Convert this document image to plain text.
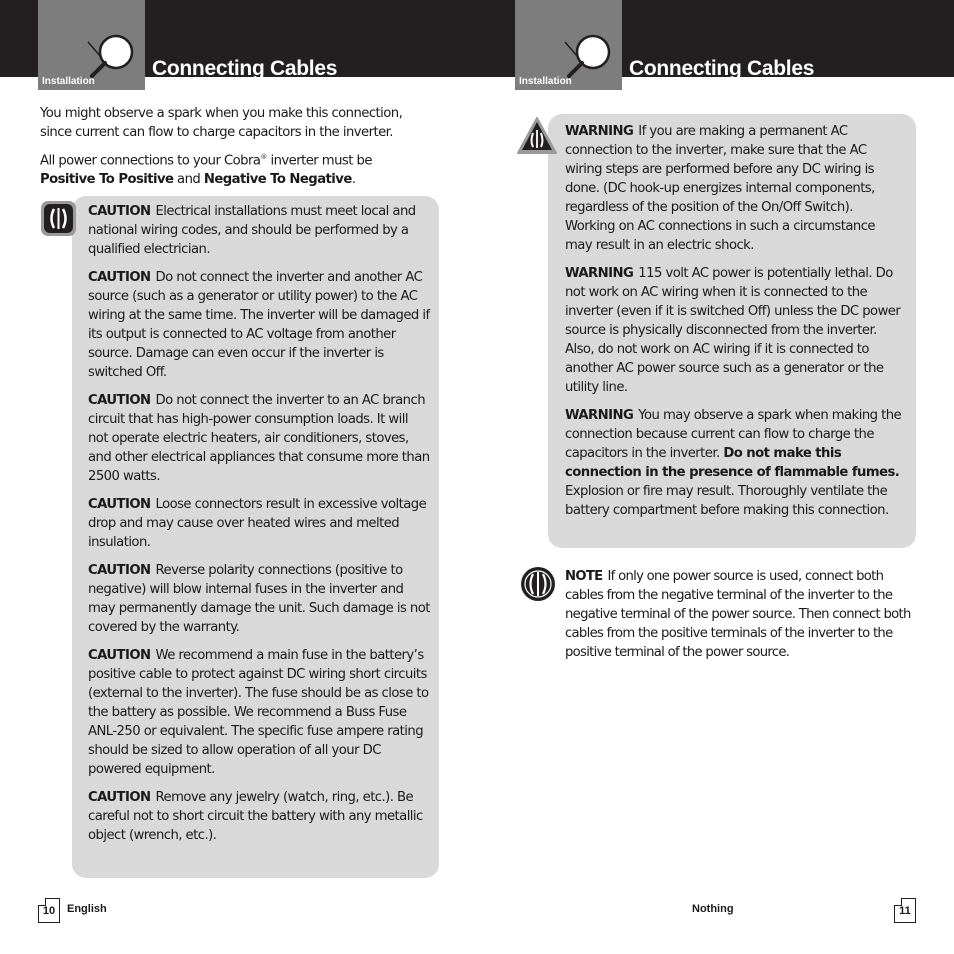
Installation
Connecting Cables

You might observe a spark when you make this connection, since current can flow to charge capacitors in the inverter.

All power connections to your Cobra® inverter must be Positive To Positive and Negative To Negative.

CAUTION Electrical installations must meet local and national wiring codes, and should be performed by a qualified electrician.
CAUTION Do not connect the inverter and another AC source (such as a generator or utility power) to the AC wiring at the same time. The inverter will be damaged if its output is connected to AC voltage from another source. Damage can even occur if the inverter is switched Off.
CAUTION Do not connect the inverter to an AC branch circuit that has high-power consumption loads. It will not operate electric heaters, air conditioners, stoves, and other electrical appliances that consume more than 2500 watts.
CAUTION Loose connectors result in excessive voltage drop and may cause over heated wires and melted insulation.
CAUTION Reverse polarity connections (positive to negative) will blow internal fuses in the inverter and may permanently damage the unit. Such damage is not covered by the warranty.
CAUTION We recommend a main fuse in the battery’s positive cable to protect against DC wiring short circuits (external to the inverter). The fuse should be as close to the battery as possible. We recommend a Buss Fuse ANL-250 or equivalent. The specific fuse ampere rating should be sized to allow operation of all your DC powered equipment.
CAUTION Remove any jewelry (watch, ring, etc.). Be careful not to short circuit the battery with any metallic object (wrench, etc.).
10	English
Installation
Connecting Cables
WARNING If you are making a permanent AC connection to the inverter, make sure that the AC wiring steps are performed before any DC wiring is done. (DC hook-up energizes internal components, regardless of the position of the On/Off Switch). Working on AC connections in such a circumstance may result in an electric shock.
WARNING 115 volt AC power is potentially lethal. Do not work on AC wiring when it is connected to the inverter (even if it is switched Off) unless the DC power source is physically disconnected from the inverter. Also, do not work on AC wiring if it is connected to another AC power source such as a generator or the utility line.
WARNING You may observe a spark when making the connection because current can flow to charge the capacitors in the inverter. Do not make this connection in the presence of flammable fumes. Explosion or fire may result. Thoroughly ventilate the battery compartment before making this connection.
NOTE If only one power source is used, connect both cables from the negative terminal of the inverter to the negative terminal of the power source. Then connect both cables from the positive terminals of the inverter to the positive terminal of the power source.
Nothing	11
